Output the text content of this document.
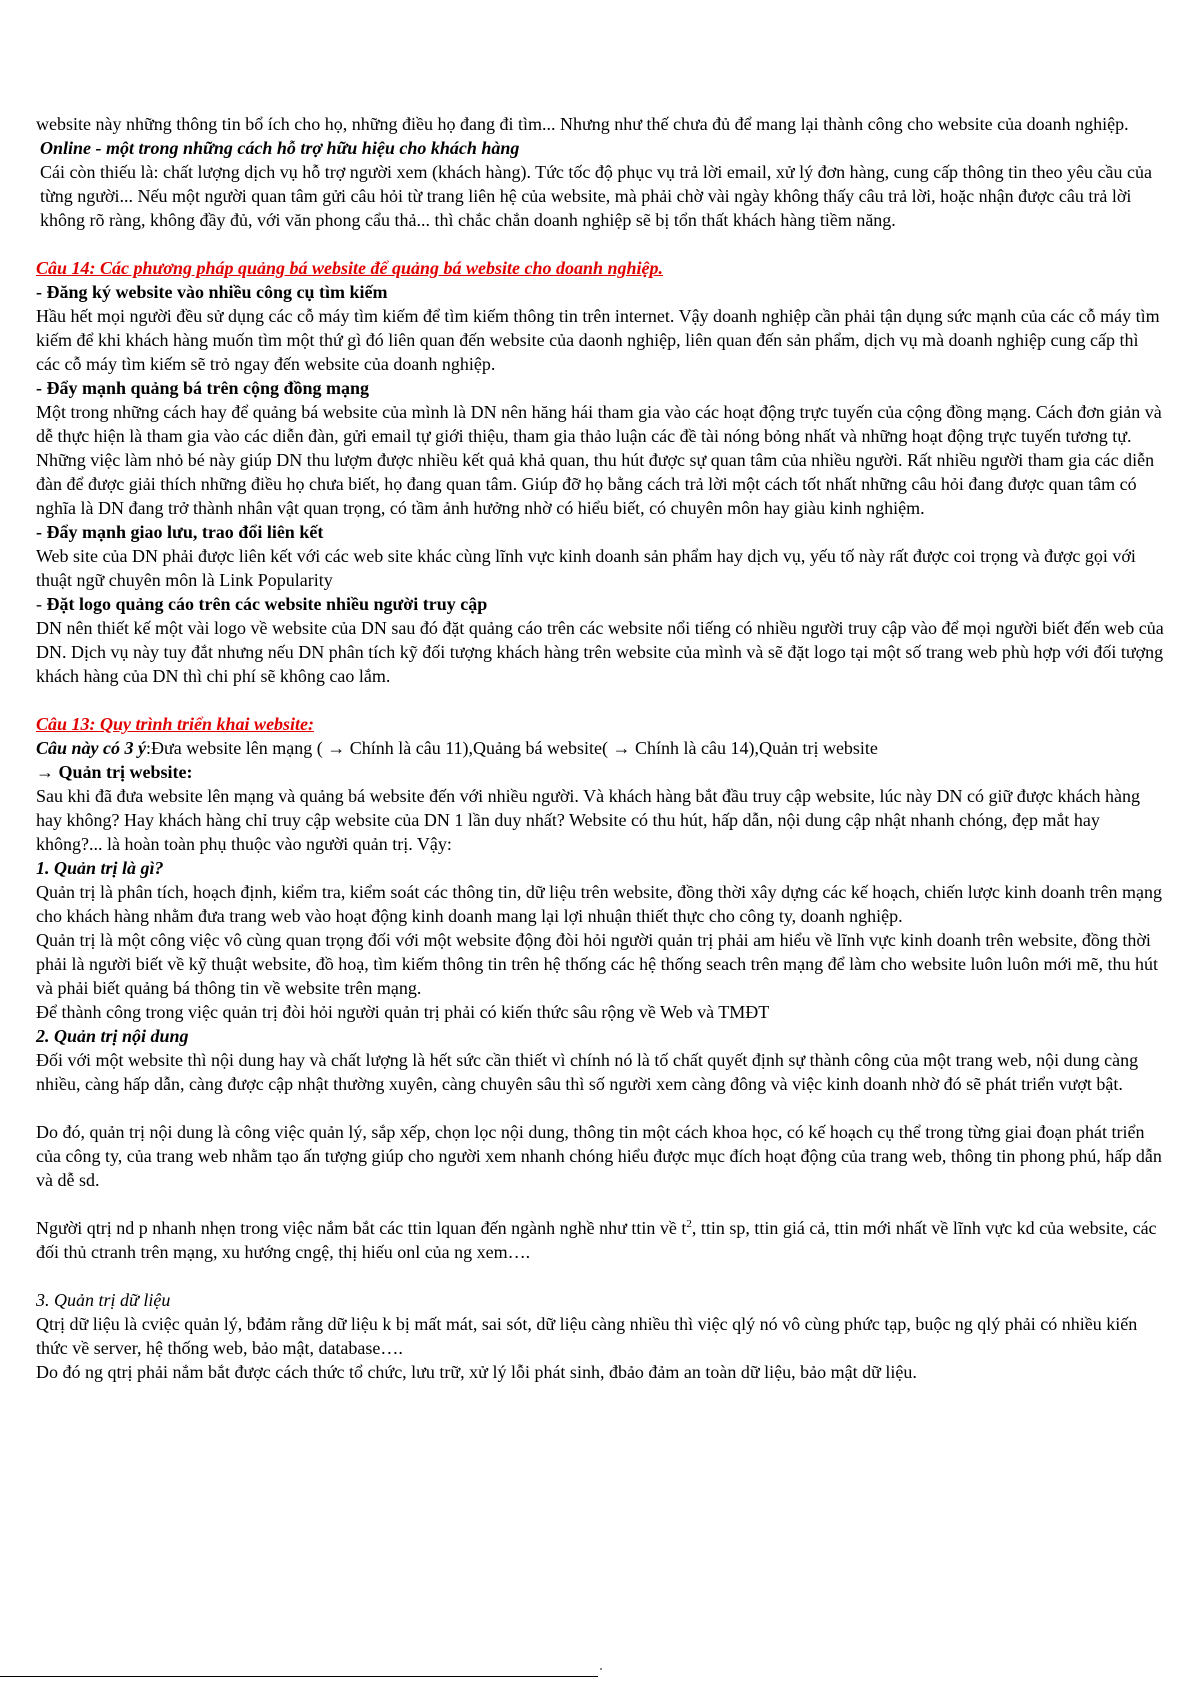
website này những thông tin bổ ích cho họ, những điều họ đang đi tìm... Nhưng như thế chưa đủ để mang lại thành công cho website của doanh nghiệp.

Online - một trong những cách hỗ trợ hữu hiệu cho khách hàng

Cái còn thiếu là: chất lượng dịch vụ hỗ trợ người xem (khách hàng). Tức tốc độ phục vụ trả lời email, xử lý đơn hàng, cung cấp thông tin theo yêu cầu của từng người... Nếu một người quan tâm gửi câu hỏi từ trang liên hệ của website, mà phải chờ vài ngày không thấy câu trả lời, hoặc nhận được câu trả lời không rõ ràng, không đầy đủ, với văn phong cẩu thả... thì chắc chắn doanh nghiệp sẽ bị tổn thất khách hàng tiềm năng.

Câu 14: Các phương pháp quảng bá website để quảng bá website cho doanh nghiệp.

- Đăng ký website vào nhiều công cụ tìm kiếm

Hầu hết mọi người đều sử dụng các cỗ máy tìm kiếm để tìm kiếm thông tin trên internet. Vậy doanh nghiệp cần phải tận dụng sức mạnh của các cỗ máy tìm kiếm để khi khách hàng muốn tìm một thứ gì đó liên quan đến website của daonh nghiệp, liên quan đến sản phẩm, dịch vụ mà doanh nghiệp cung cấp thì các cỗ máy tìm kiếm sẽ trỏ ngay đến website của doanh nghiệp.

- Đẩy mạnh quảng bá trên cộng đồng mạng

Một trong những cách hay để quảng bá website của mình là DN nên hăng hái tham gia vào các hoạt động trực tuyến của cộng đồng mạng. Cách đơn giản và dễ thực hiện là tham gia vào các diễn đàn, gửi email tự giới thiệu, tham gia thảo luận các đề tài nóng bỏng nhất và những hoạt động trực tuyến tương tự. Những việc làm nhỏ bé này giúp DN thu lượm được nhiều kết quả khả quan, thu hút được sự quan tâm của nhiều người. Rất nhiều người tham gia các diễn đàn để được giải thích những điều họ chưa biết, họ đang quan tâm. Giúp đỡ họ bằng cách trả lời một cách tốt nhất những câu hỏi đang được quan tâm có nghĩa là DN đang trở thành nhân vật quan trọng, có tầm ảnh hưởng nhờ có hiểu biết, có chuyên môn hay giàu kinh nghiệm.

- Đẩy mạnh giao lưu, trao đổi liên kết

Web site của DN phải được liên kết với các web site khác cùng lĩnh vực kinh doanh sản phẩm hay dịch vụ, yếu tố này rất được coi trọng và được gọi với thuật ngữ chuyên môn là Link Popularity

- Đặt logo quảng cáo trên các website nhiều người truy cập

DN nên thiết kế một vài logo về website của DN sau đó đặt quảng cáo trên các website nổi tiếng có nhiều người truy cập vào để mọi người biết đến web của DN. Dịch vụ này tuy đắt nhưng nếu DN phân tích kỹ đối tượng khách hàng trên website của mình và sẽ đặt logo tại một số trang web phù hợp với đối tượng khách hàng của DN thì chi phí sẽ không cao lắm.

Câu 13: Quy trình triển khai website:

Câu này có 3 ý:Đưa website lên mạng ( → Chính là câu 11),Quảng bá website( → Chính là câu 14),Quản trị website

→ Quản trị website:

Sau khi đã đưa website lên mạng và quảng bá website đến với nhiều người. Và khách hàng bắt đầu truy cập website, lúc này DN có giữ được khách hàng hay không? Hay khách hàng chỉ truy cập website của DN 1 lần duy nhất? Website có thu hút, hấp dẫn, nội dung cập nhật nhanh chóng, đẹp mắt hay không?... là hoàn toàn phụ thuộc vào người quản trị. Vậy:

1. Quản trị là gì?

Quản trị là phân tích, hoạch định, kiểm tra, kiểm soát các thông tin, dữ liệu trên website, đồng thời xây dựng các kế hoạch, chiến lược kinh doanh trên mạng cho khách hàng nhằm đưa trang web vào hoạt động kinh doanh mang lại lợi nhuận thiết thực cho công ty, doanh nghiệp.

Quản trị là một công việc vô cùng quan trọng đối với một website động đòi hỏi người quản trị phải am hiểu về lĩnh vực kinh doanh trên website, đồng thời phải là người biết về kỹ thuật website, đồ hoạ, tìm kiếm thông tin trên hệ thống các hệ thống seach trên mạng để làm cho website luôn luôn mới mẽ, thu hút và phải biết quảng bá thông tin về website trên mạng.

Để thành công trong việc quản trị đòi hỏi người quản trị phải có kiến thức sâu rộng về Web và TMĐT

2. Quản trị nội dung

Đối với một website thì nội dung hay và chất lượng là hết sức cần thiết vì chính nó là tố chất quyết định sự thành công của một trang web, nội dung càng nhiều, càng hấp dẫn, càng được cập nhật thường xuyên, càng chuyên sâu thì số người xem càng đông và việc kinh doanh nhờ đó sẽ phát triển vượt bật.

Do đó, quản trị nội dung là công việc quản lý, sắp xếp, chọn lọc nội dung, thông tin một cách khoa học, có kế hoạch cụ thể trong từng giai đoạn phát triển của công ty, của trang web nhằm tạo ấn tượng giúp cho người xem nhanh chóng hiểu được mục đích hoạt động của trang web, thông tin phong phú, hấp dẫn và dễ sd.

Người qtrị nd p nhanh nhẹn trong việc nắm bắt các ttin lquan đến ngành nghề như ttin về $t^2$, ttin sp, ttin giá cả, ttin mới nhất về lĩnh vực kd của website, các đối thủ ctranh trên mạng, xu hướng cngệ, thị hiếu onl của ng xem….

3. Quản trị dữ liệu

Qtrị dữ liệu là cviệc quản lý, bđảm rằng dữ liệu k bị mất mát, sai sót, dữ liệu càng nhiều thì việc qlý nó vô cùng phức tạp, buộc ng qlý phải có nhiều kiến thức về server, hệ thống web, bảo mật, database….

Do đó ng qtrị phải nắm bắt được cách thức tổ chức, lưu trữ, xử lý lỗi phát sinh, đbảo đảm an toàn dữ liệu, bảo mật dữ liệu.
